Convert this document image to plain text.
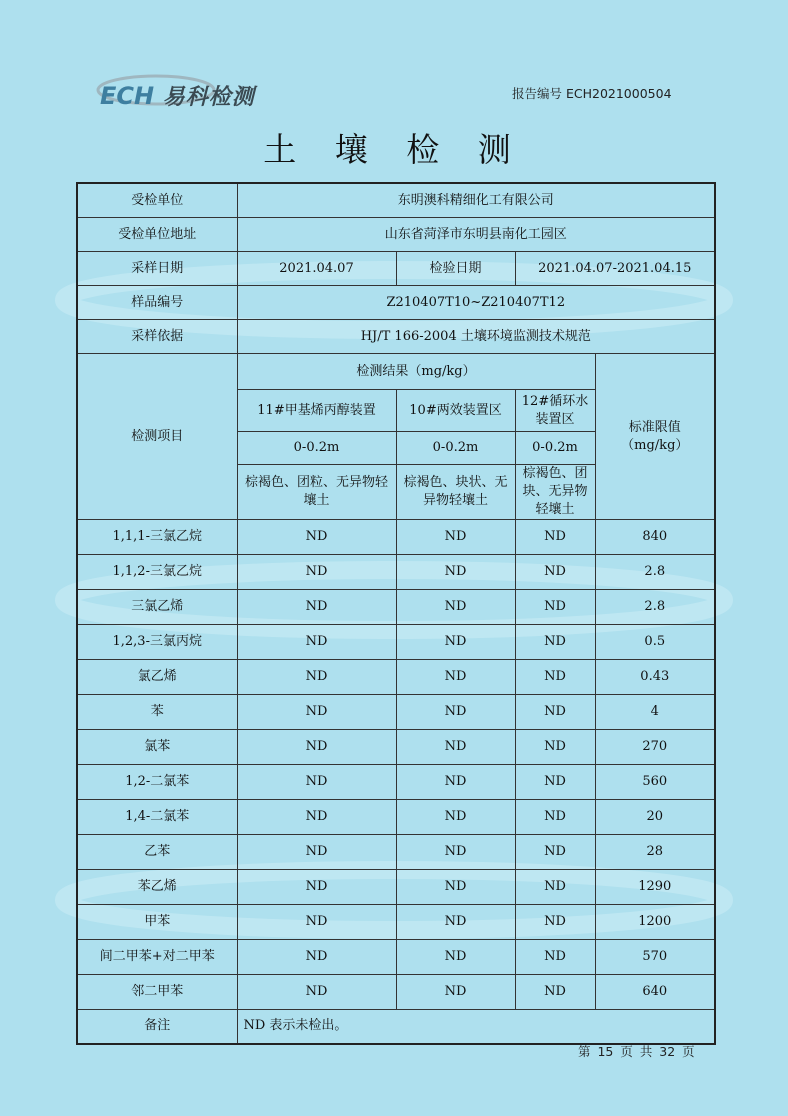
ECH 易科检测	报告编号 ECH2021000504
土 壤 检 测
受检单位	东明澳科精细化工有限公司			
受检单位地址	山东省菏泽市东明县南化工园区			
采样日期	2021.04.07	检验日期	2021.04.07-2021.04.15	
样品编号	Z210407T10~Z210407T12			
采样依据	HJ/T 166-2004 土壤环境监测技术规范			
检测项目	检测结果（mg/kg）			标准限值
（mg/kg）
	11#甲基烯丙醇装置	10#两效装置区	12#循环水装置区	
	0-0.2m	0-0.2m	0-0.2m	
	棕褐色、团粒、无异物轻壤土	棕褐色、块状、无异物轻壤土	棕褐色、团块、无异物轻壤土	
1,1,1-三氯乙烷	ND	ND	ND	840
1,1,2-三氯乙烷	ND	ND	ND	2.8
三氯乙烯	ND	ND	ND	2.8
1,2,3-三氯丙烷	ND	ND	ND	0.5
氯乙烯	ND	ND	ND	0.43
苯	ND	ND	ND	4
氯苯	ND	ND	ND	270
1,2-二氯苯	ND	ND	ND	560
1,4-二氯苯	ND	ND	ND	20
乙苯	ND	ND	ND	28
苯乙烯	ND	ND	ND	1290
甲苯	ND	ND	ND	1200
间二甲苯+对二甲苯	ND	ND	ND	570
邻二甲苯	ND	ND	ND	640
备注	ND 表示未检出。			
第 15 页 共 32 页
